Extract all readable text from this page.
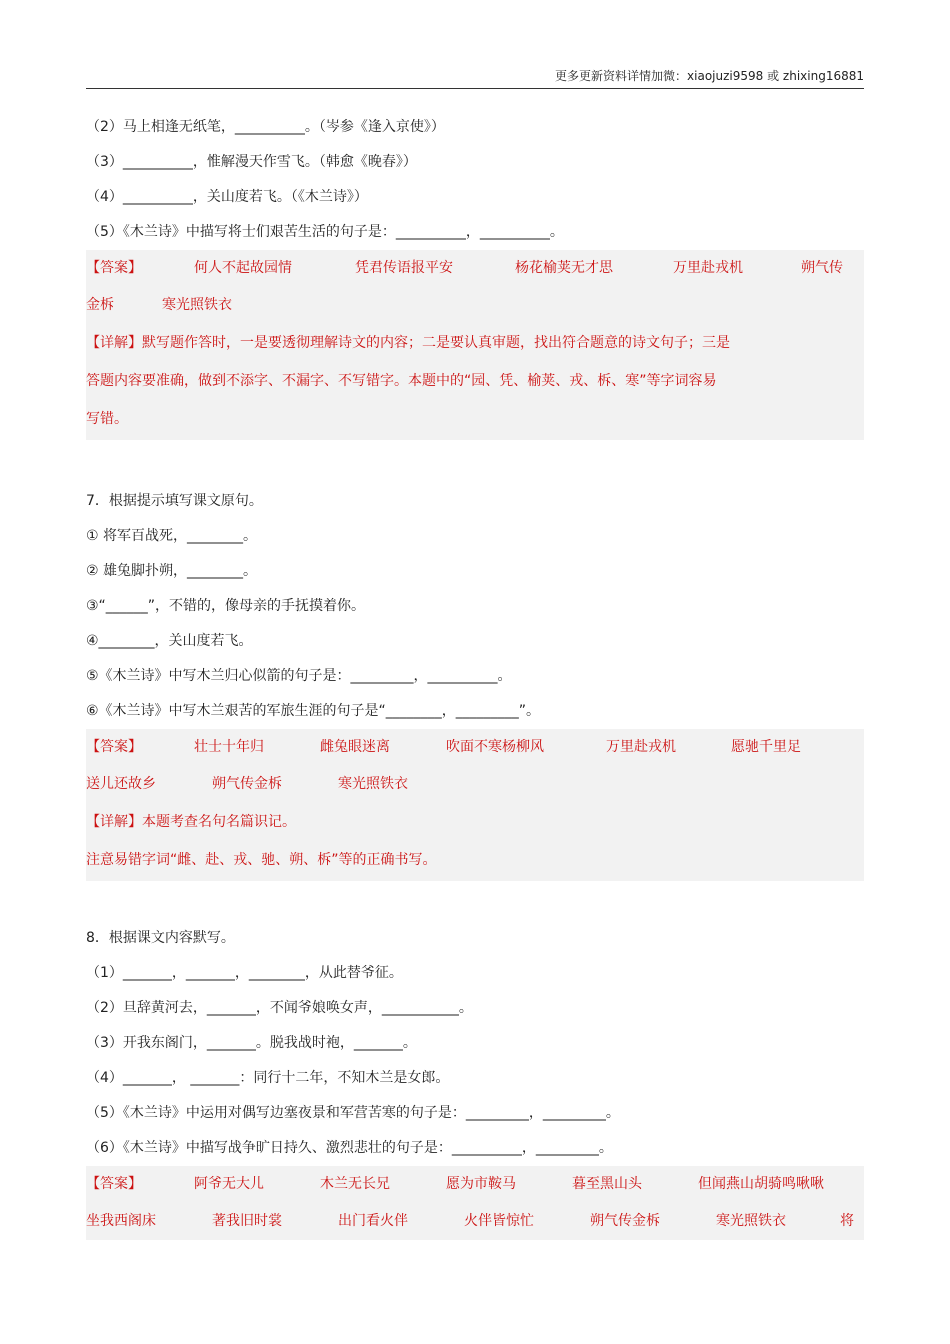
更多更新资料详情加微：xiaojuzi9598 或 zhixing16881
（2）马上相逢无纸笔，__________。（岑参《逢入京使》）
（3）__________，惟解漫天作雪飞。（韩愈《晚春》）
（4）__________，关山度若飞。（《木兰诗》）
（5）《木兰诗》中描写将士们艰苦生活的句子是：__________，__________。
【答案】	何人不起故园情	凭君传语报平安	杨花榆荚无才思	万里赴戎机	朔气传
金柝	寒光照铁衣
【详解】默写题作答时，一是要透彻理解诗文的内容；二是要认真审题，找出符合题意的诗文句子；三是
答题内容要准确，做到不添字、不漏字、不写错字。本题中的“园、凭、榆荚、戎、柝、寒”等字词容易
写错。
7．根据提示填写课文原句。
① 将军百战死，________。
② 雄兔脚扑朔，________。
③“______”，不错的，像母亲的手抚摸着你。
④________，关山度若飞。
⑤《木兰诗》中写木兰归心似箭的句子是：_________，__________。
⑥《木兰诗》中写木兰艰苦的军旅生涯的句子是“________，_________”。
【答案】	壮士十年归	雌兔眼迷离	吹面不寒杨柳风	万里赴戎机	愿驰千里足
送儿还故乡	朔气传金柝	寒光照铁衣
【详解】本题考查名句名篇识记。
注意易错字词“雌、赴、戎、驰、朔、柝”等的正确书写。
8．根据课文内容默写。
（1）_______，_______，________，从此替爷征。
（2）旦辞黄河去，_______，不闻爷娘唤女声，___________。
（3）开我东阁门，_______。脱我战时袍，_______。
（4）_______， _______：同行十二年，不知木兰是女郎。
（5）《木兰诗》中运用对偶写边塞夜景和军营苦寒的句子是：_________，_________。
（6）《木兰诗》中描写战争旷日持久、激烈悲壮的句子是：__________，_________。
【答案】	阿爷无大儿	木兰无长兄	愿为市鞍马	暮至黑山头	但闻燕山胡骑鸣啾啾
坐我西阁床	著我旧时裳	出门看火伴	火伴皆惊忙	朔气传金柝	寒光照铁衣	将
